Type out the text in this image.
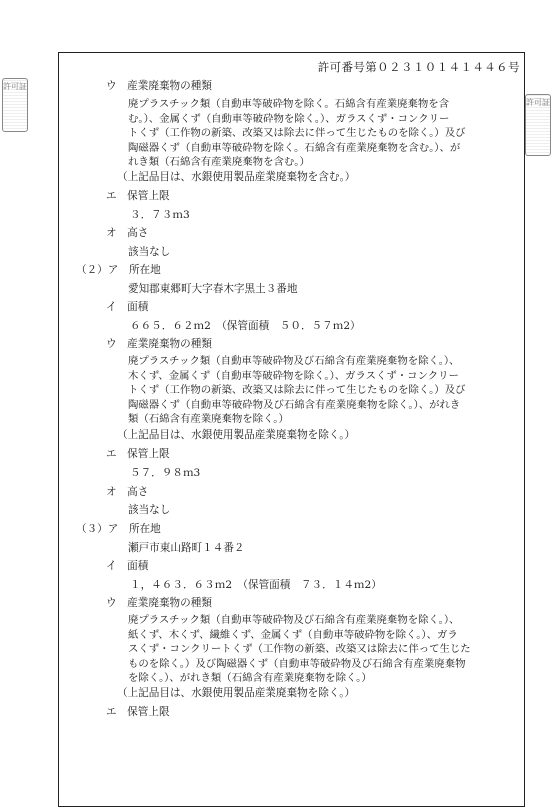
許可番号第０２３１０１４１４４６号
許可証
許可証
ウ　産業廃棄物の種類
廃プラスチック類（自動車等破砕物を除く。石綿含有産業廃棄物を含
む。）、金属くず（自動車等破砕物を除く。）、ガラスくず・コンクリー
トくず（工作物の新築、改築又は除去に伴って生じたものを除く。）及び
陶磁器くず（自動車等破砕物を除く。石綿含有産業廃棄物を含む。）、が
れき類（石綿含有産業廃棄物を含む。）
（上記品目は、水銀使用製品産業廃棄物を含む。）
エ　保管上限
３．７３ｍ3
オ　高さ
該当なし
（２）ア　所在地
愛知郡東郷町大字春木字黒土３番地
イ　面積
６６５．６２ｍ2　（保管面積　５０．５７ｍ2）
ウ　産業廃棄物の種類
廃プラスチック類（自動車等破砕物及び石綿含有産業廃棄物を除く。）、
木くず、金属くず（自動車等破砕物を除く。）、ガラスくず・コンクリー
トくず（工作物の新築、改築又は除去に伴って生じたものを除く。）及び
陶磁器くず（自動車等破砕物及び石綿含有産業廃棄物を除く。）、がれき
類（石綿含有産業廃棄物を除く。）
（上記品目は、水銀使用製品産業廃棄物を除く。）
エ　保管上限
５７．９８ｍ3
オ　高さ
該当なし
（３）ア　所在地
瀬戸市東山路町１４番２
イ　面積
１，４６３．６３ｍ2　（保管面積　７３．１４ｍ2）
ウ　産業廃棄物の種類
廃プラスチック類（自動車等破砕物及び石綿含有産業廃棄物を除く。）、
紙くず、木くず、繊維くず、金属くず（自動車等破砕物を除く。）、ガラ
スくず・コンクリートくず（工作物の新築、改築又は除去に伴って生じた
ものを除く。）及び陶磁器くず（自動車等破砕物及び石綿含有産業廃棄物
を除く。）、がれき類（石綿含有産業廃棄物を除く。）
（上記品目は、水銀使用製品産業廃棄物を除く。）
エ　保管上限
